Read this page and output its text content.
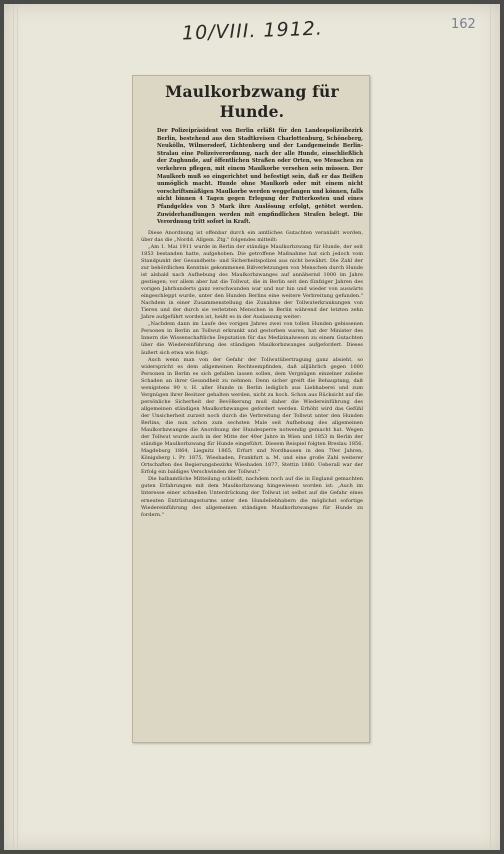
10/VIII. 1912.	162
Maulkorbzwang für Hunde.

Der Polizeipräsident von Berlin erläßt für den Landespolizeibezirk Berlin, bestehend aus den Stadtkreisen Charlottenburg, Schöneberg, Neukölln, Wilmersdorf, Lichtenberg und der Landgemeinde Berlin-Stralau eine Polizeiverordnung, nach der alle Hunde, einschließlich der Zughunde, auf öffentlichen Straßen oder Orten, wo Menschen zu verkehren pflegen, mit einem Maulkorbe versehen sein müssen. Der Maulkorb muß so eingerichtet und befestigt sein, daß er das Beißen unmöglich macht. Hunde ohne Maulkorb oder mit einem nicht vorschriftsmäßigen Maulkorbe werden weggefangen und können, falls nicht binnen 4 Tagen gegen Erlegung der Futterkosten und eines Pfandgeldes von 5 Mark ihre Auslösung erfolgt, getötet werden. Zuwiderhandlungen werden mit empfindlichen Strafen belegt. Die Verordnung tritt sofort in Kraft.

Diese Anordnung ist offenbar durch ein amtliches Gutachten veranlaßt worden, über das die „Nordd. Allgem. Ztg." folgendes mitteilt:

„Am 1. Mai 1911 wurde in Berlin der ständige Maulkorbzwang für Hunde, der seit 1853 bestanden hatte, aufgehoben. Die getroffene Maßnahme hat sich jedoch vom Standpunkt der Gesundheits- und Sicherheitspolizei aus nicht bewährt. Die Zahl der zur behördlichen Kenntnis gekommenen Bißverletzungen von Menschen durch Hunde ist alsbald nach Aufhebung des Maulkorbzwanges auf annähernd 1000 im Jahre gestiegen; vor allem aber hat die Tollwut, die in Berlin seit den fünfziger Jahren des vorigen Jahrhunderts ganz verschwunden war und nur hin und wieder von auswärts eingeschleppt wurde, unter den Hunden Berlins eine weitere Verbreitung gefunden." Nachdem in einer Zusammenstellung die Zunahme der Tollwuterkrankungen von Tieren und der durch sie verletzten Menschen in Berlin während der letzten zehn Jahre aufgeführt worden ist, heißt es in der Auslassung weiter:

„Nachdem dann im Laufe des vorigen Jahres zwei von tollen Hunden gebissenen Personen in Berlin an Tollwut erkrankt und gestorben waren, hat der Minister des Innern die Wissenschaftliche Deputation für das Medizinalwesen zu einem Gutachten über die Wiedereinführung des ständigen Maulkorbzwanges aufgefordert. Dieses äußert sich etwa wie folgt:

Auch wenn man von der Gefahr der Tollwutübertragung ganz absieht, so widerspricht es dem allgemeinen Rechtsempfinden, daß alljährlich gegen 1000 Personen in Berlin es sich gefallen lassen sollen, dem Vergnügen einzelner zuliebe Schaden an ihrer Gesundheit zu nehmen. Denn sicher greift die Behauptung, daß wenigstens 90 v. H. aller Hunde in Berlin lediglich aus Liebhaberei und zum Vergnügen ihrer Besitzer gehalten werden, nicht zu hoch. Schon aus Rücksicht auf die persönliche Sicherheit der Bevölkerung muß daher die Wiedereinführung des allgemeinen ständigen Maulkorbzwanges gefordert werden. Erhöht wird das Gefühl der Unsicherheit zurzeit noch durch die Verbreitung der Tollwut unter den Hunden Berlins, die nun schon zum sechsten Male seit Aufhebung des allgemeinen Maulkorbzwanges die Anordnung der Hundesperre notwendig gemacht hat. Wegen der Tollwut wurde auch in der Mitte der 40er Jahre in Wien und 1853 in Berlin der ständige Maulkorbzwang für Hunde eingeführt. Diesem Beispiel folgten Breslau 1856, Magdeburg 1864, Liegnitz 1865, Erfurt und Nordhausen in den 70er Jahren, Königsberg i. Pr. 1875, Wiesbaden, Frankfurt a. M. und eine große Zahl weiterer Ortschaften des Regierungsbezirks Wiesbaden 1877, Stettin 1880. Ueberall war der Erfolg ein baldiges Verschwinden der Tollwut."

Die halbamtliche Mitteilung schließt, nachdem noch auf die in England gemachten guten Erfahrungen mit dem Maulkorbzwang hingewiesen worden ist: „Auch im Interesse einer schnellen Unterdrückung der Tollwut ist selbst auf die Gefahr eines erneuten Entrüstungssturms unter den Hundeliebhabern die möglichst sofortige Wiedereinführung des allgemeinen ständigen Maulkorbzwanges für Hunde zu fordern."
